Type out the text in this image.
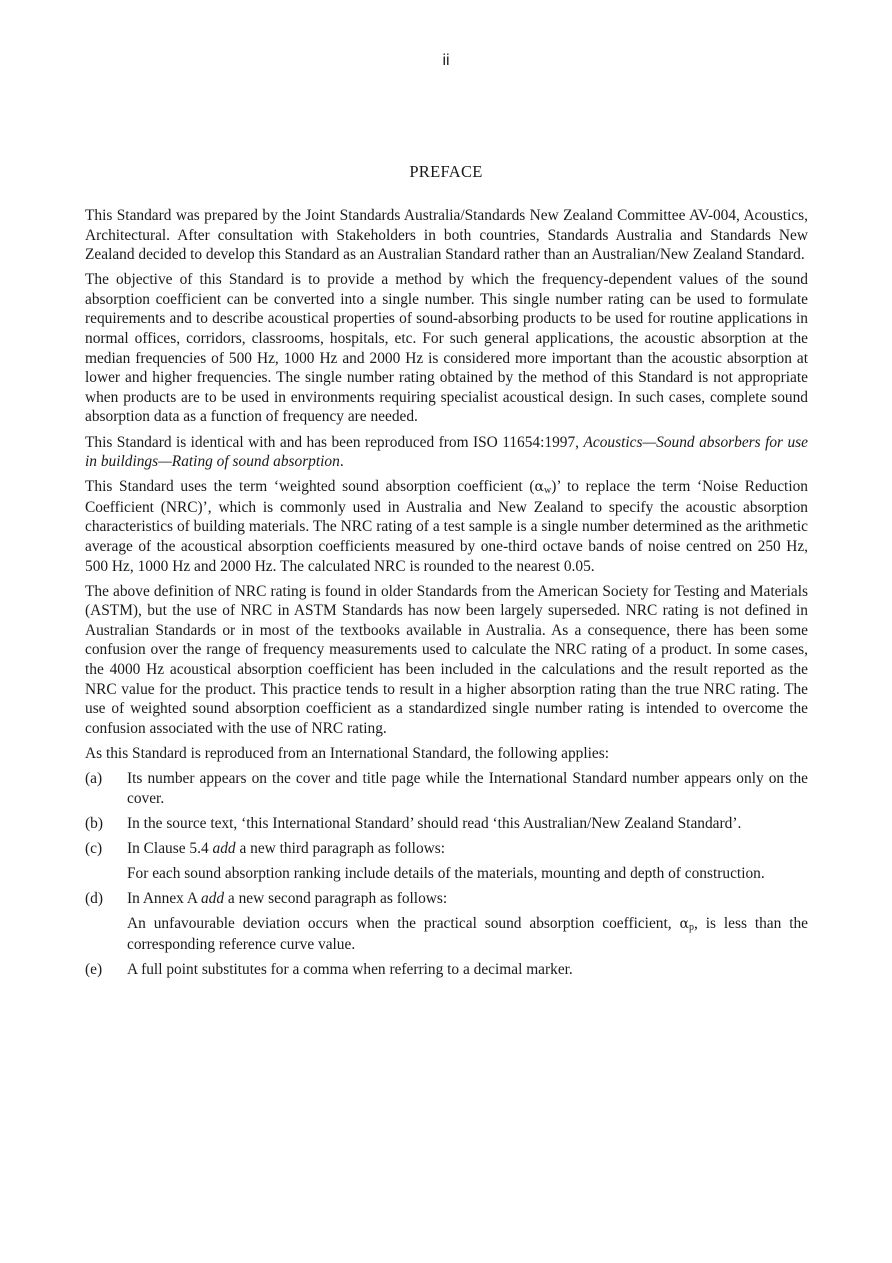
ii
PREFACE

This Standard was prepared by the Joint Standards Australia/Standards New Zealand Committee AV-004, Acoustics, Architectural. After consultation with Stakeholders in both countries, Standards Australia and Standards New Zealand decided to develop this Standard as an Australian Standard rather than an Australian/New Zealand Standard.

The objective of this Standard is to provide a method by which the frequency-dependent values of the sound absorption coefficient can be converted into a single number. This single number rating can be used to formulate requirements and to describe acoustical properties of sound-absorbing products to be used for routine applications in normal offices, corridors, classrooms, hospitals, etc. For such general applications, the acoustic absorption at the median frequencies of 500 Hz, 1000 Hz and 2000 Hz is considered more important than the acoustic absorption at lower and higher frequencies. The single number rating obtained by the method of this Standard is not appropriate when products are to be used in environments requiring specialist acoustical design. In such cases, complete sound absorption data as a function of frequency are needed.

This Standard is identical with and has been reproduced from ISO 11654:1997, Acoustics—Sound absorbers for use in buildings—Rating of sound absorption.

This Standard uses the term ‘weighted sound absorption coefficient $(\alpha_w)$’ to replace the term ‘Noise Reduction Coefficient (NRC)’, which is commonly used in Australia and New Zealand to specify the acoustic absorption characteristics of building materials. The NRC rating of a test sample is a single number determined as the arithmetic average of the acoustical absorption coefficients measured by one-third octave bands of noise centred on 250 Hz, 500 Hz, 1000 Hz and 2000 Hz. The calculated NRC is rounded to the nearest 0.05.

The above definition of NRC rating is found in older Standards from the American Society for Testing and Materials (ASTM), but the use of NRC in ASTM Standards has now been largely superseded. NRC rating is not defined in Australian Standards or in most of the textbooks available in Australia. As a consequence, there has been some confusion over the range of frequency measurements used to calculate the NRC rating of a product. In some cases, the 4000 Hz acoustical absorption coefficient has been included in the calculations and the result reported as the NRC value for the product. This practice tends to result in a higher absorption rating than the true NRC rating. The use of weighted sound absorption coefficient as a standardized single number rating is intended to overcome the confusion associated with the use of NRC rating.

As this Standard is reproduced from an International Standard, the following applies:

(a)	Its number appears on the cover and title page while the International Standard number appears only on the cover.
(b)	In the source text, ‘this International Standard’ should read ‘this Australian/New Zealand Standard’.
(c)	In Clause 5.4 add a new third paragraph as follows:
For each sound absorption ranking include details of the materials, mounting and depth of construction.
(d)	In Annex A add a new second paragraph as follows:
An unfavourable deviation occurs when the practical sound absorption coefficient, $\alpha_p$, is less than the corresponding reference curve value.
(e)	A full point substitutes for a comma when referring to a decimal marker.
